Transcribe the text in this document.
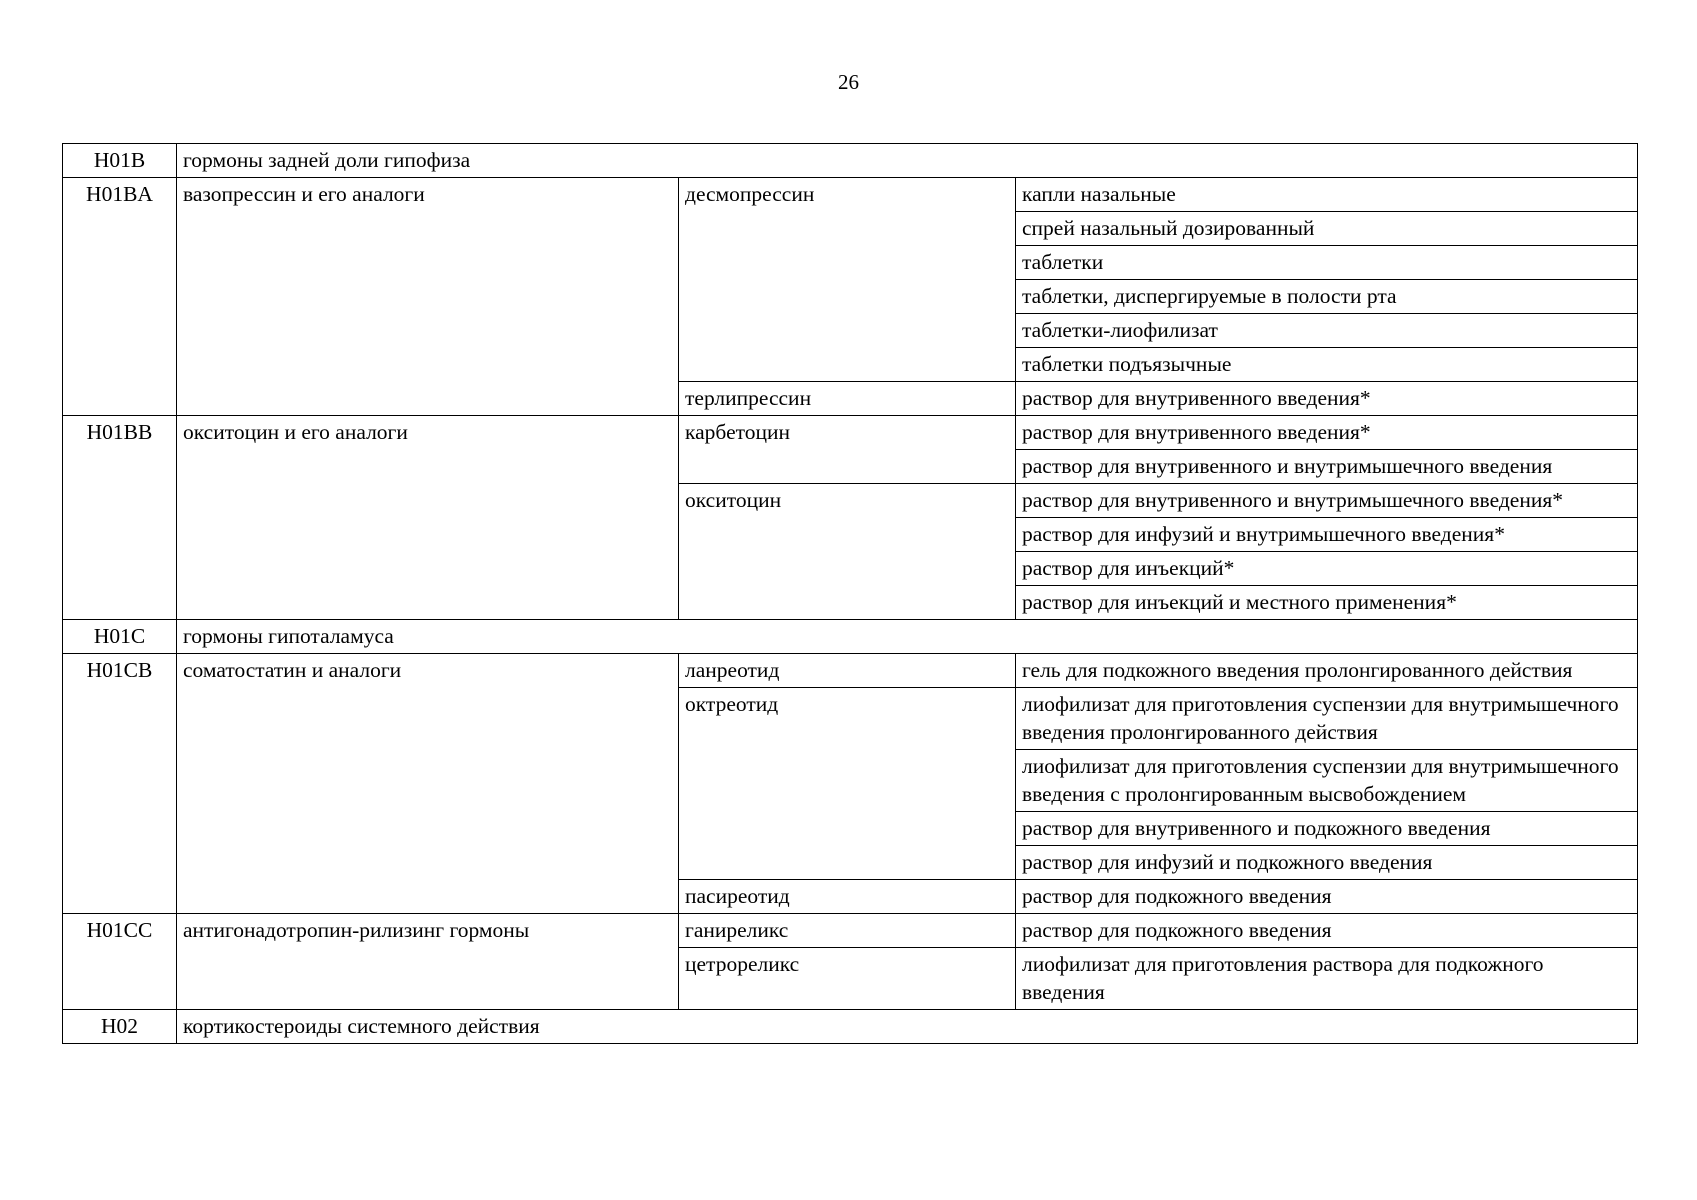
26
H01B	гормоны задней доли гипофиза		
H01BA	вазопрессин и его аналоги	десмопрессин	капли назальные
			спрей назальный дозированный
			таблетки
			таблетки, диспергируемые в полости рта
			таблетки-лиофилизат
			таблетки подъязычные
		терлипрессин	раствор для внутривенного введения*
H01BB	окситоцин и его аналоги	карбетоцин	раствор для внутривенного введения*
			раствор для внутривенного и внутримышечного введения
		окситоцин	раствор для внутривенного и внутримышечного введения*
			раствор для инфузий и внутримышечного введения*
			раствор для инъекций*
			раствор для инъекций и местного применения*
H01C	гормоны гипоталамуса		
H01CB	соматостатин и аналоги	ланреотид	гель для подкожного введения пролонгированного действия
		октреотид	лиофилизат для приготовления суспензии для внутримышечного введения пролонгированного действия
			лиофилизат для приготовления суспензии для внутримышечного введения с пролонгированным высвобождением
			раствор для внутривенного и подкожного введения
			раствор для инфузий и подкожного введения
		пасиреотид	раствор для подкожного введения
H01CC	антигонадотропин-рилизинг гормоны	ганиреликс	раствор для подкожного введения
		цетрореликс	лиофилизат для приготовления раствора для подкожного введения
H02	кортикостероиды системного действия		
